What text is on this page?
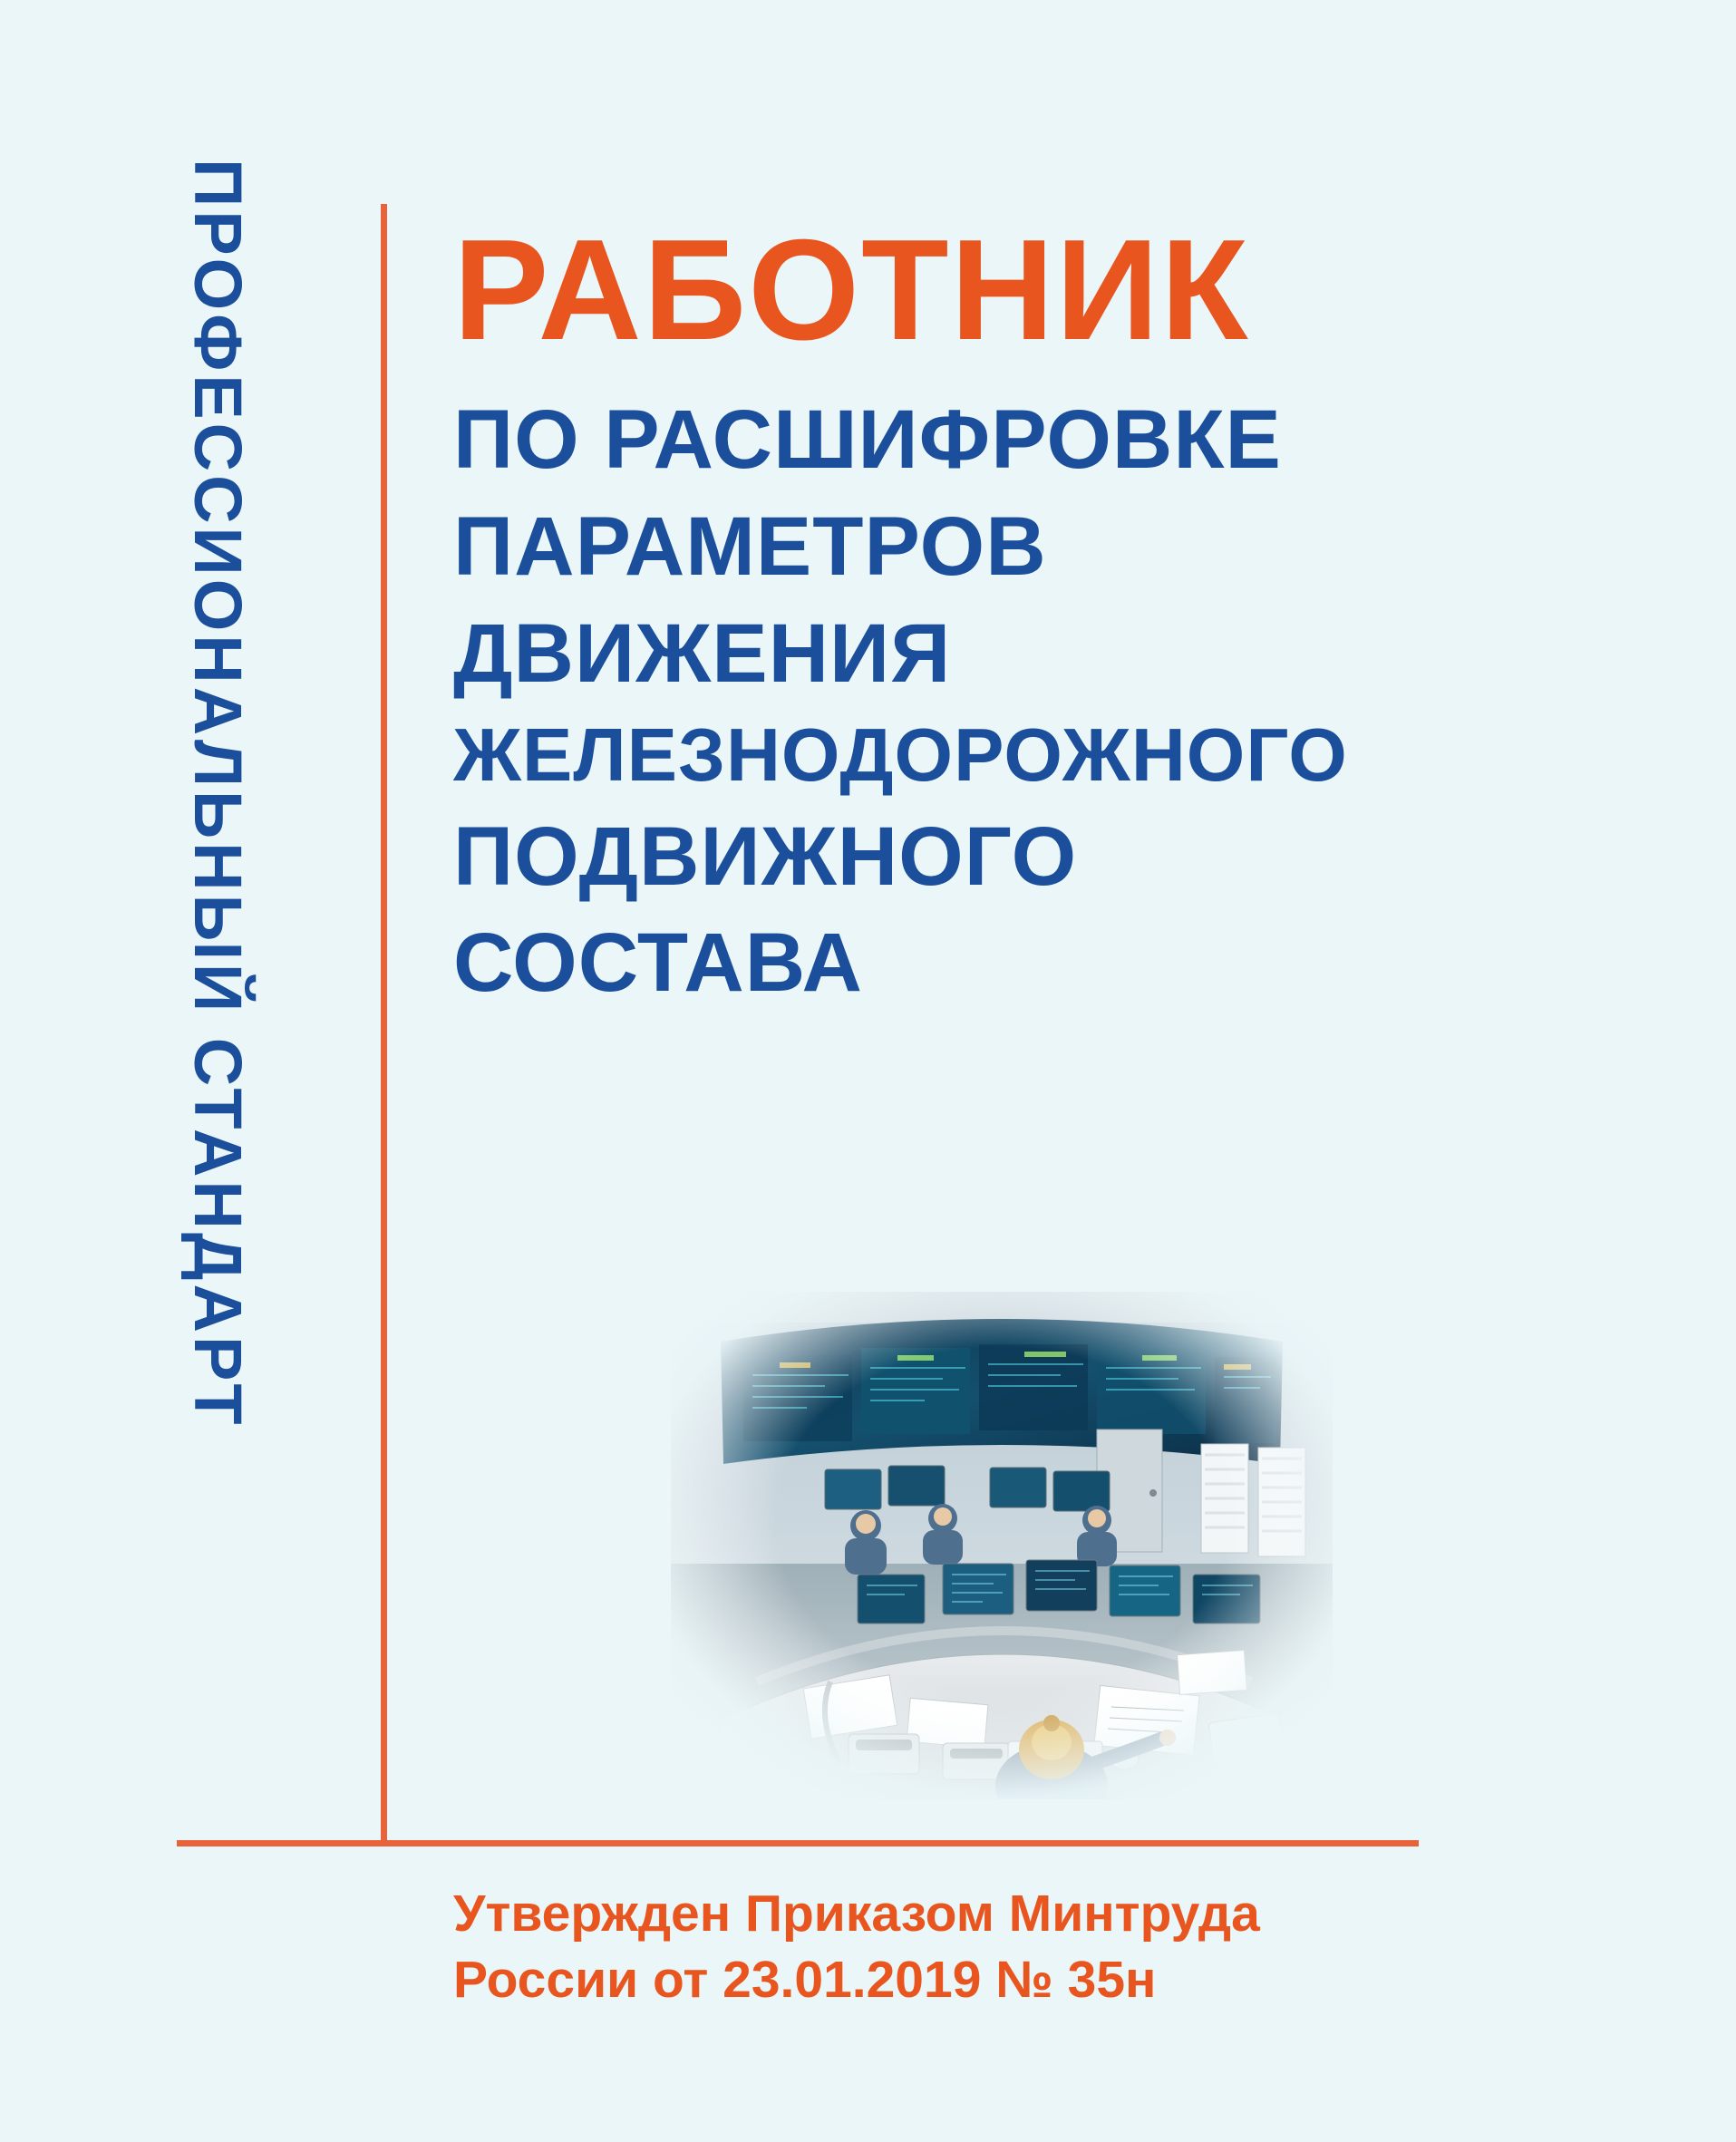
ПРОФЕССИОНАЛЬНЫЙ СТАНДАРТ РАБОТНИК
ПО РАСШИФРОВКЕ
ПАРАМЕТРОВ
ДВИЖЕНИЯ
ЖЕЛЕЗНОДОРОЖНОГО
ПОДВИЖНОГО
СОСТАВА
Утвержден Приказом Минтруда
России от 23.01.2019 № 35н
